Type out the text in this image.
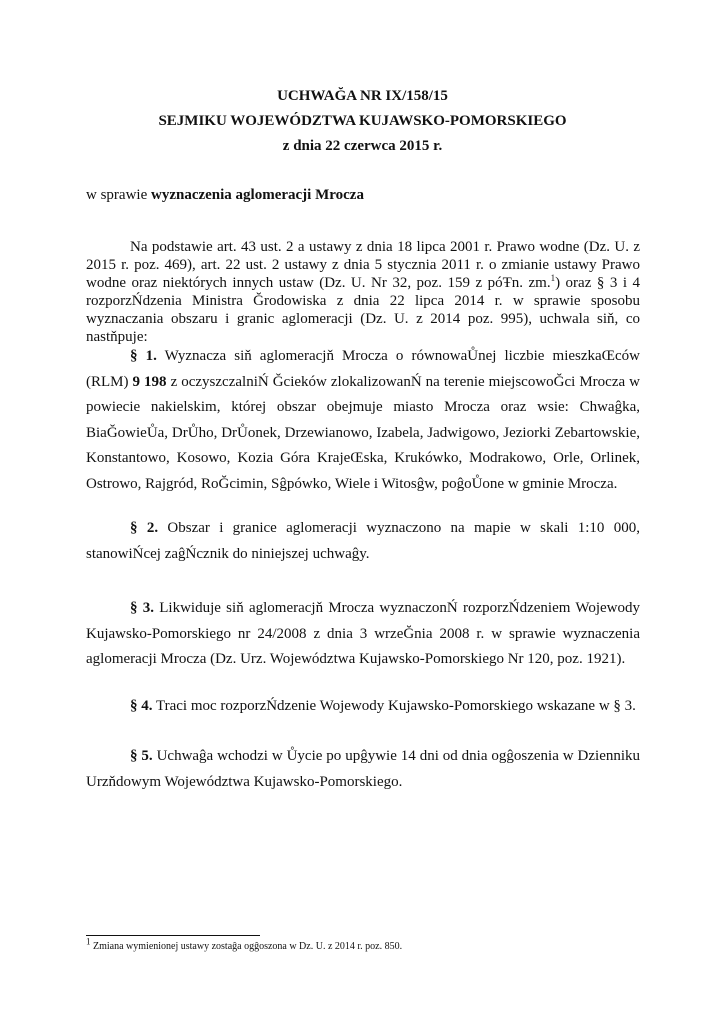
UCHWAĞA NR IX/158/15
SEJMIKU WOJEWÓDZTWA KUJAWSKO-POMORSKIEGO
z dnia 22 czerwca 2015 r.
w sprawie wyznaczenia aglomeracji Mrocza
Na podstawie art. 43 ust. 2 a ustawy z dnia 18 lipca 2001 r. Prawo wodne (Dz. U. z 2015 r. poz. 469), art. 22 ust. 2 ustawy z dnia 5 stycznia 2011 r. o zmianie ustawy Prawo wodne oraz niektórych innych ustaw (Dz. U. Nr 32, poz. 159 z póŦn. zm.$^1$) oraz § 3 i 4 rozporzŃdzenia Ministra Ğrodowiska z dnia 22 lipca 2014 r. w sprawie sposobu wyznaczania obszaru i granic aglomeracji (Dz. U. z 2014 poz. 995), uchwala siň, co nastňpuje:
§ 1. Wyznacza siň aglomeracjň Mrocza o równowaŮnej liczbie mieszkaŒców (RLM) 9 198 z oczyszczalniŃ Ğcieków zlokalizowanŃ na terenie miejscowoĞci Mrocza w powiecie nakielskim, której obszar obejmuje miasto Mrocza oraz wsie: Chwaĝka, BiaĞowieŮa, DrŮho, DrŮonek, Drzewianowo, Izabela, Jadwigowo, Jeziorki Zebartowskie, Konstantowo, Kosowo, Kozia Góra KrajeŒska, Krukówko, Modrakowo, Orle, Orlinek, Ostrowo, Rajgród, RoĞcimin, Sĝpówko, Wiele i Witosĝw, poĝoŮone w gminie Mrocza.
§ 2. Obszar i granice aglomeracji wyznaczono na mapie w skali 1:10 000, stanowiŃcej zaĝŃcznik do niniejszej uchwaĝy.
§ 3. Likwiduje siň aglomeracjň Mrocza wyznaczonŃ rozporzŃdzeniem Wojewody Kujawsko-Pomorskiego nr 24/2008 z dnia 3 wrzeĞnia 2008 r. w sprawie wyznaczenia aglomeracji Mrocza (Dz. Urz. Województwa Kujawsko-Pomorskiego Nr 120, poz. 1921).
§ 4. Traci moc rozporzŃdzenie Wojewody Kujawsko-Pomorskiego wskazane w § 3.
§ 5. Uchwaĝa wchodzi w Ůycie po upĝywie 14 dni od dnia ogĝoszenia w Dzienniku Urzňdowym Województwa Kujawsko-Pomorskiego.
$^1$ Zmiana wymienionej ustawy zostaĝa ogĝoszona w Dz. U. z 2014 r. poz. 850.
